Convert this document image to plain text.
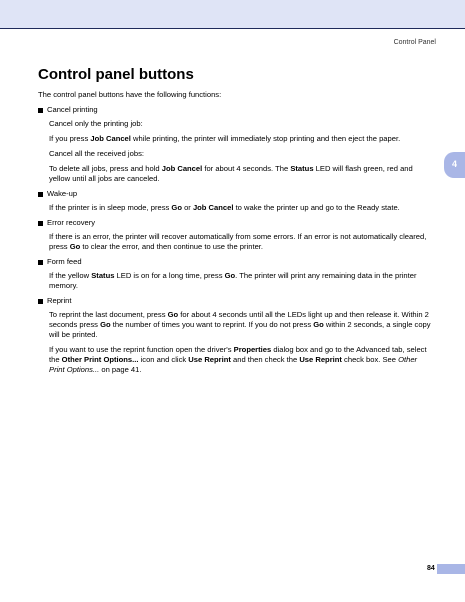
Control Panel
Control panel buttons

The control panel buttons have the following functions:

Cancel printing

Cancel only the printing job:

If you press Job Cancel while printing, the printer will immediately stop printing and then eject the paper.

Cancel all the received jobs:

To delete all jobs, press and hold Job Cancel for about 4 seconds. The Status LED will flash green, red and yellow until all jobs are canceled.

Wake-up

If the printer is in sleep mode, press Go or Job Cancel to wake the printer up and go to the Ready state.

Error recovery

If there is an error, the printer will recover automatically from some errors. If an error is not automatically cleared, press Go to clear the error, and then continue to use the printer.

Form feed

If the yellow Status LED is on for a long time, press Go. The printer will print any remaining data in the printer memory.

Reprint

To reprint the last document, press Go for about 4 seconds until all the LEDs light up and then release it. Within 2 seconds press Go the number of times you want to reprint. If you do not press Go within 2 seconds, a single copy will be printed.

If you want to use the reprint function open the driver's Properties dialog box and go to the Advanced tab, select the Other Print Options... icon and click Use Reprint and then check the Use Reprint check box. See Other Print Options... on page 41.

4
84
